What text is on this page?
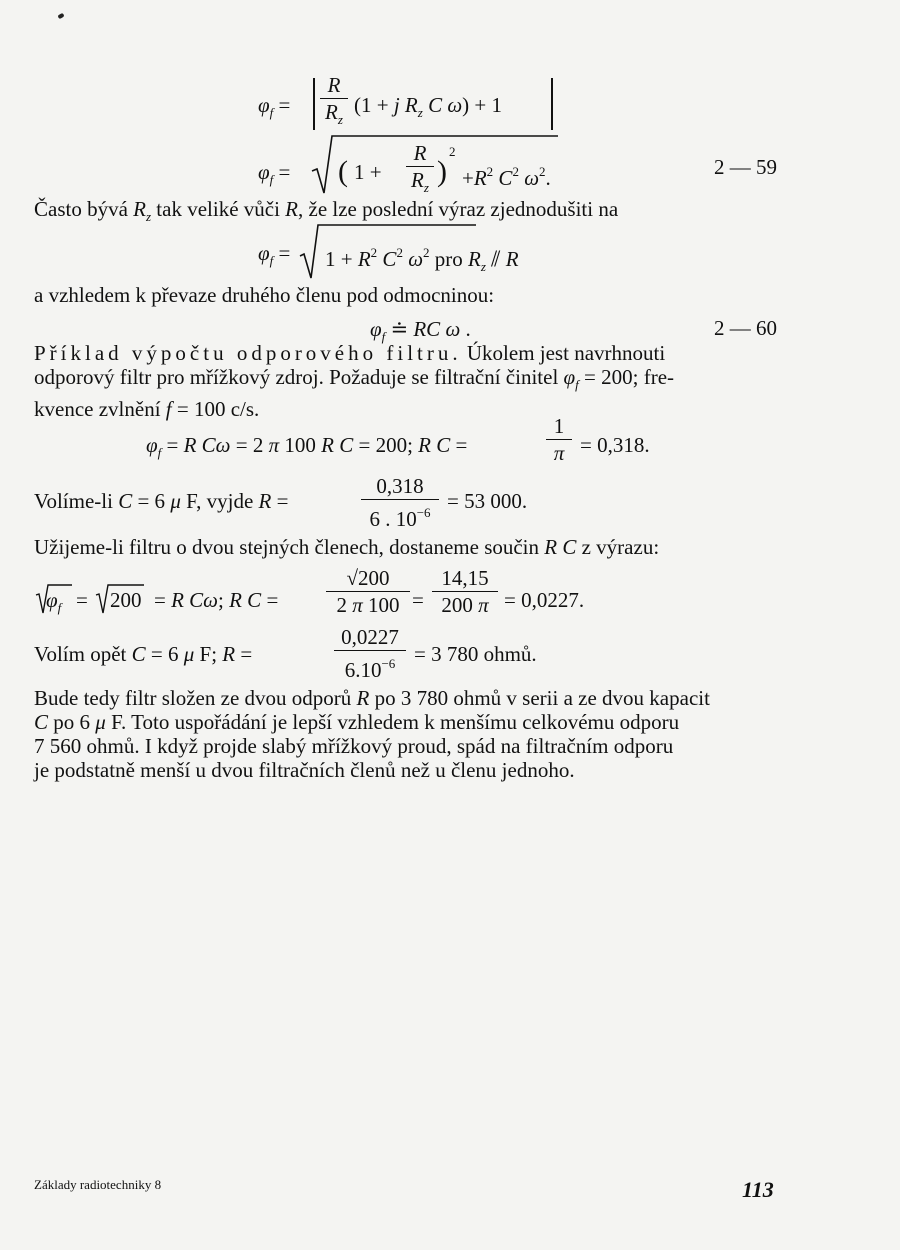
$\varphi_f$ =
R
$R_z$
(1 + j $R_z$ C ω) + 1
$\varphi_f$ = ( 1 +
R
$R_z$ )
2
$+R^2$ $C^2$ $\omega^2$.	2 — 59
Často bývá $R_z$ tak veliké vůči R, že lze poslední výraz zjednodušiti na
$\varphi_f = 1 + R^2$ $C^2$ $\omega^2$ pro $R_z$ ⫽ R
a vzhledem k převaze druhého členu pod odmocninou:
$\varphi_f$ ≐ RC ω .	2 — 60
Příklad výpočtu odporového filtru. Úkolem jest navrhnouti
odporový filtr pro mřížkový zdroj. Požaduje se filtrační činitel $\varphi_f = 200$; fre-
kvence zvlnění f = 100 c/s.
$\varphi_f = R$ Cω = 2 π 100 R C = 200; R C =
1
π = 0,318.
Volíme-li C = 6 μ F, vyjde R =
0,318
6 . $10^{-6} = 53$ 000.
Užijeme-li filtru o dvou stejných členech, dostaneme součin R C z výrazu:
$\varphi_f = 200 = R$ Cω; R C =
√200
2 π 100 =
14,15
200 π = 0,0227.
Volím opět C = 6 μ F; R =
0,0227
$6.10^{-6} = 3$ 780 ohmů.
Bude tedy filtr složen ze dvou odporů R po 3 780 ohmů v serii a ze dvou kapacit
C po 6 μ F. Toto uspořádání je lepší vzhledem k menšímu celkovému odporu
7 560 ohmů. I když projde slabý mřížkový proud, spád na filtračním odporu
je podstatně menší u dvou filtračních členů než u členu jednoho.
Základy radiotechniky 8	113
